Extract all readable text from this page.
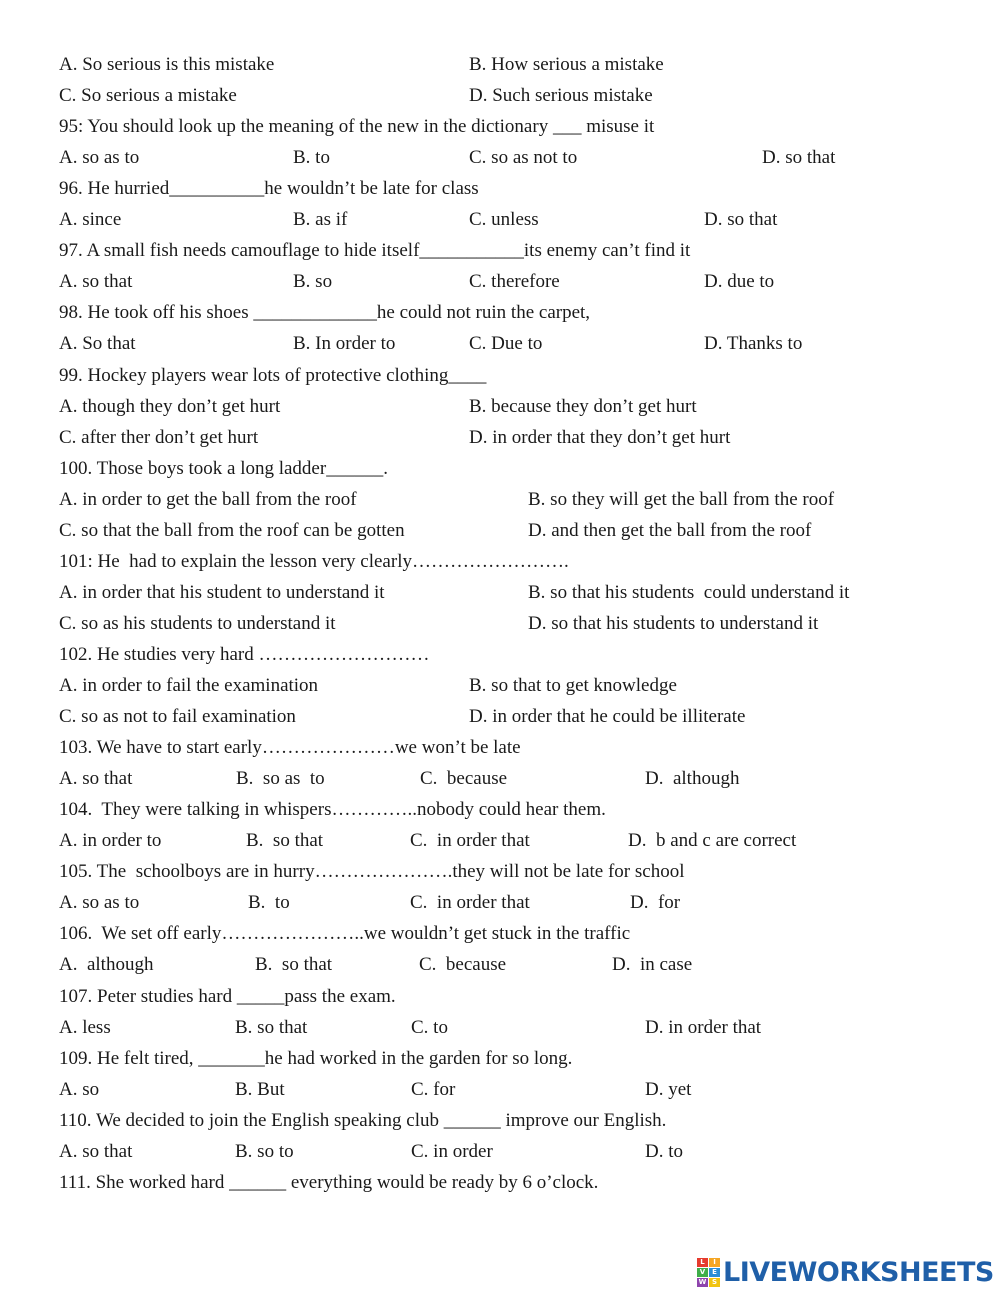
A. So serious is this mistake	B. How serious a mistake
C. So serious a mistake	D. Such serious mistake
95: You should look up the meaning of the new in the dictionary ___ misuse it
A. so as to	B. to	C. so as not to	D. so that
96. He hurried__________he wouldn’t be late for class
A. since	B. as if	C. unless	D. so that
97. A small fish needs camouflage to hide itself___________its enemy can’t find it
A. so that	B. so	C. therefore	D. due to
98. He took off his shoes _____________he could not ruin the carpet,
A. So that	B. In order to	C. Due to	D. Thanks to
99. Hockey players wear lots of protective clothing____
A. though they don’t get hurt	B. because they don’t get hurt
C. after ther don’t get hurt	D. in order that they don’t get hurt
100. Those boys took a long ladder______.
A. in order to get the ball from the roof	B. so they will get the ball from the roof
C. so that the ball from the roof can be gotten	D. and then get the ball from the roof
101: He  had to explain the lesson very clearly…………………….
A. in order that his student to understand it	B. so that his students  could understand it
C. so as his students to understand it	D. so that his students to understand it
102. He studies very hard ………………………
A. in order to fail the examination	B. so that to get knowledge
C. so as not to fail examination	D. in order that he could be illiterate
103. We have to start early…………………we won’t be late
A. so that	B.  so as  to	C.  because	D.  although
104.  They were talking in whispers…………..nobody could hear them.
A. in order to	B.  so that	C.  in order that	D.  b and c are correct
105. The  schoolboys are in hurry………………….they will not be late for school
A. so as to	B.  to	C.  in order that	D.  for
106.  We set off early…………………..we wouldn’t get stuck in the traffic
A.  although	B.  so that	C.  because	D.  in case
107. Peter studies hard _____pass the exam.
A. less	B. so that	C. to	D. in order that
109. He felt tired, _______he had worked in the garden for so long.
A. so	B. But	C. for	D. yet
110. We decided to join the English speaking club ______ improve our English.
A. so that	B. so to	C. in order	D. to
111. She worked hard ______ everything would be ready by 6 o’clock.
L	I
V E
W S LIVEWORKSHEETS
